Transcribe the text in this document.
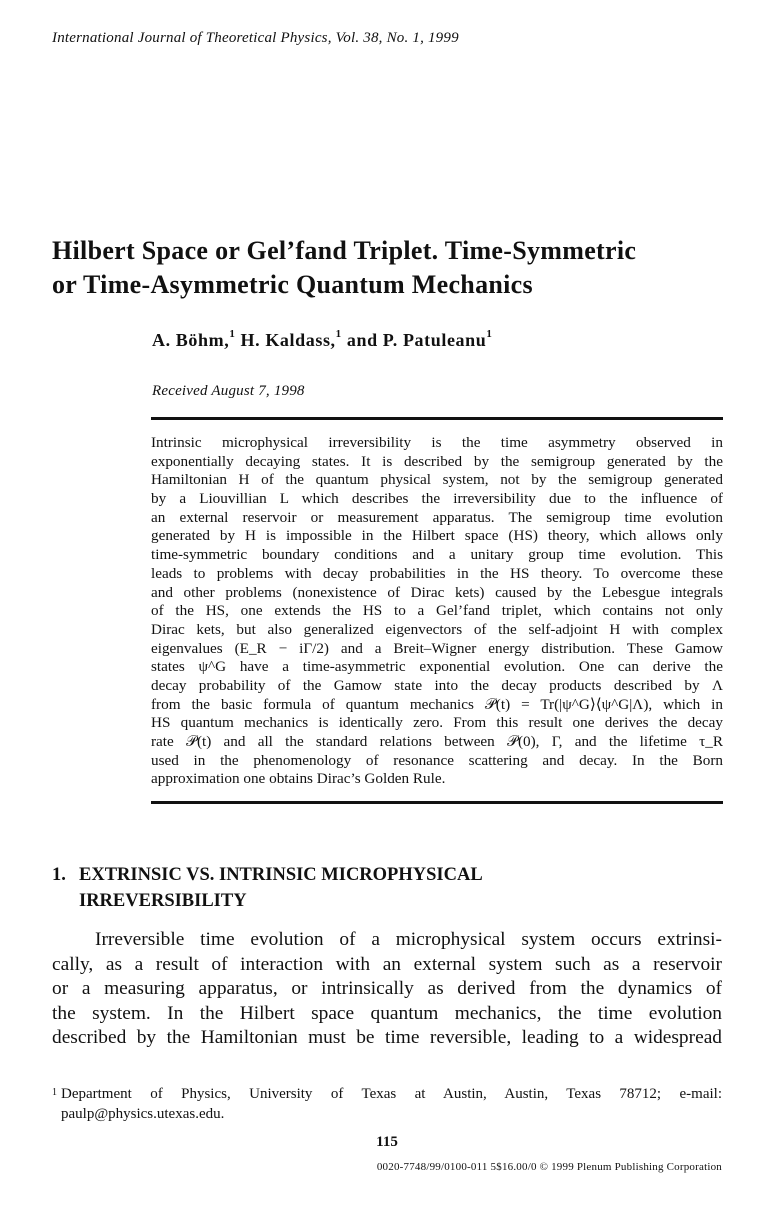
International Journal of Theoretical Physics, Vol. 38, No. 1, 1999
Hilbert Space or Gel’fand Triplet. Time-Symmetric
or Time-Asymmetric Quantum Mechanics
A. Böhm,$^1$ H. Kaldass,$^1$ and P. Patuleanu$^1$
Received August 7, 1998
Intrinsic microphysical irreversibility is the time asymmetry observed in
exponentially decaying states. It is described by the semigroup generated by the
Hamiltonian H of the quantum physical system, not by the semigroup generated
by a Liouvillian L which describes the irreversibility due to the influence of
an external reservoir or measurement apparatus. The semigroup time evolution
generated by H is impossible in the Hilbert space (HS) theory, which allows only
time-symmetric boundary conditions and a unitary group time evolution. This
leads to problems with decay probabilities in the HS theory. To overcome these
and other problems (nonexistence of Dirac kets) caused by the Lebesgue integrals
of the HS, one extends the HS to a Gel’fand triplet, which contains not only
Dirac kets, but also generalized eigenvectors of the self-adjoint H with complex
eigenvalues (E_R − iΓ/2) and a Breit–Wigner energy distribution. These Gamow
states ψ^G have a time-asymmetric exponential evolution. One can derive the
decay probability of the Gamow state into the decay products described by Λ
from the basic formula of quantum mechanics 𝒫(t) = Tr(|ψ^G⟩⟨ψ^G|Λ), which in
HS quantum mechanics is identically zero. From this result one derives the decay
rate 𝒫(t) and all the standard relations between 𝒫(0), Γ, and the lifetime τ_R
used in the phenomenology of resonance scattering and decay. In the Born
approximation one obtains Dirac’s Golden Rule.
1. EXTRINSIC VS. INTRINSIC MICROPHYSICAL
IRREVERSIBILITY
Irreversible time evolution of a microphysical system occurs extrinsi-
cally, as a result of interaction with an external system such as a reservoir
or a measuring apparatus, or intrinsically as derived from the dynamics of
the system. In the Hilbert space quantum mechanics, the time evolution
described by the Hamiltonian must be time reversible, leading to a widespread
1 Department of Physics, University of Texas at Austin, Austin, Texas 78712; e-mail:
paulp@physics.utexas.edu.
115
0020-7748/99/0100-011 5$16.00/0 © 1999 Plenum Publishing Corporation
